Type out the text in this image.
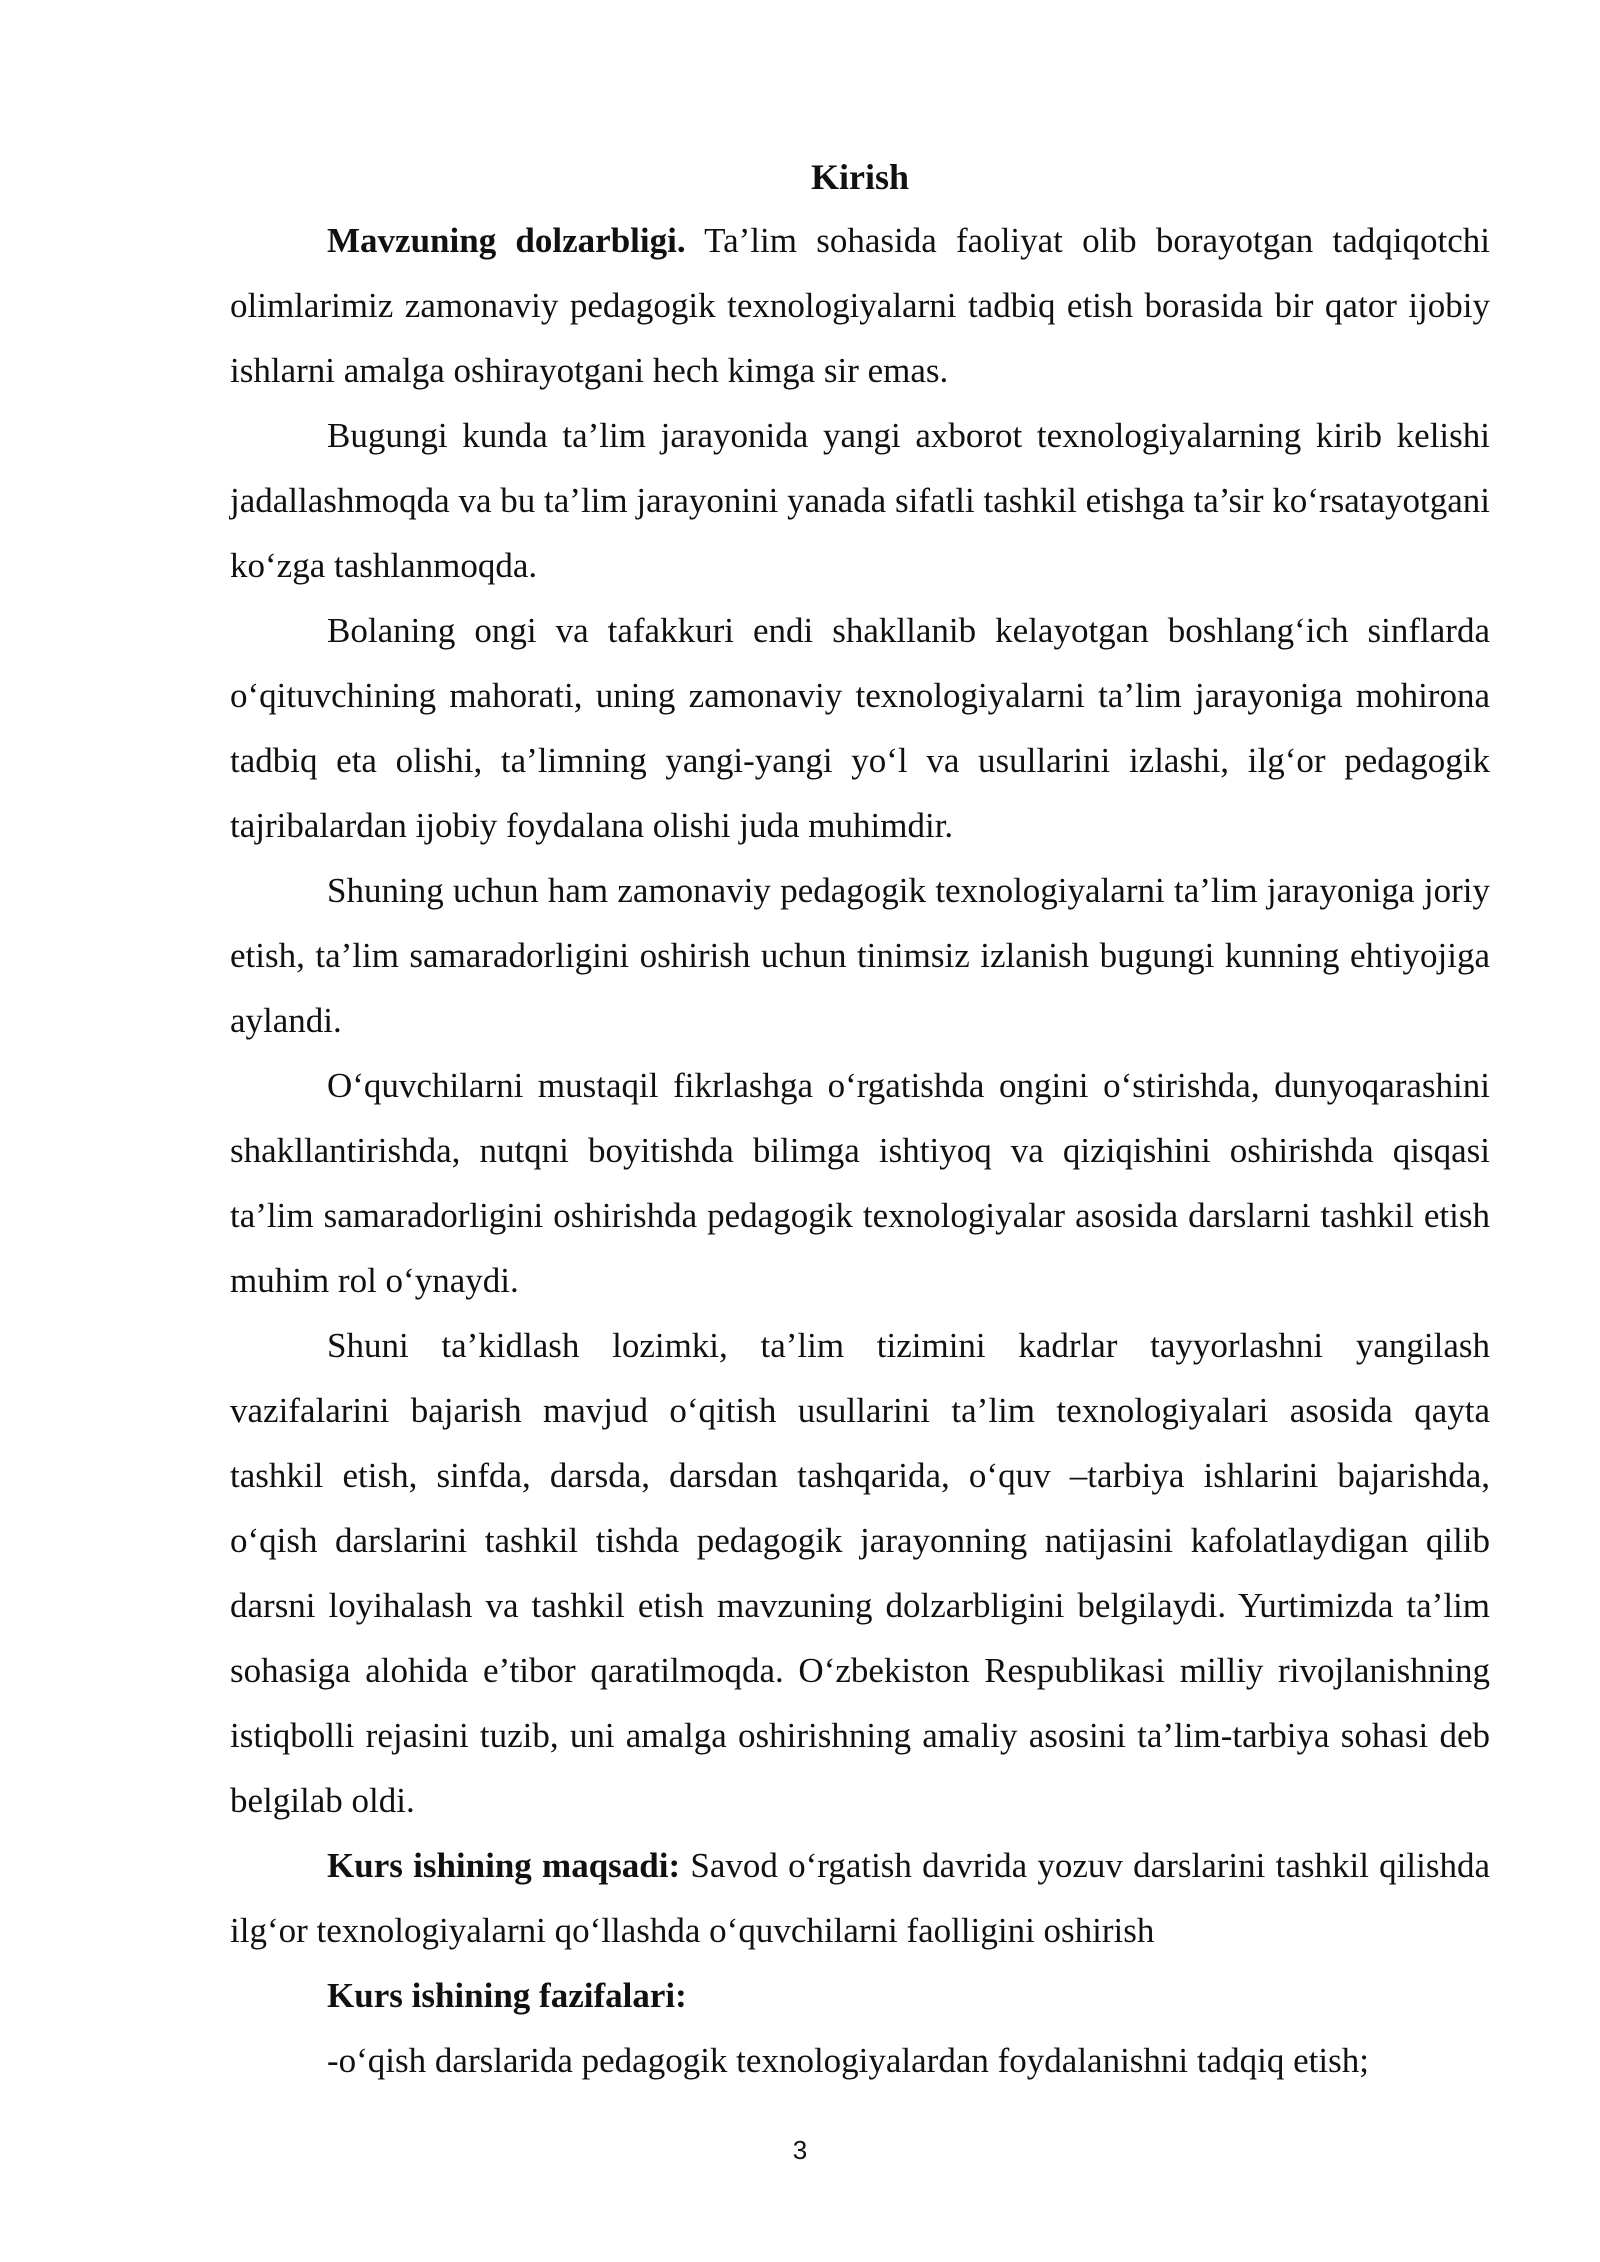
Kirish

Mavzuning dolzarbligi. Ta’lim sohasida faoliyat olib borayotgan tadqiqotchi olimlarimiz zamonaviy pedagogik texnologiyalarni tadbiq etish borasida bir qator ijobiy ishlarni amalga oshirayotgani hech kimga sir emas.

Bugungi kunda ta’lim jarayonida yangi axborot texnologiyalarning kirib kelishi jadallashmoqda va bu ta’lim jarayonini yanada sifatli tashkil etishga ta’sir ko‘rsatayotgani ko‘zga tashlanmoqda.

Bolaning ongi va tafakkuri endi shakllanib kelayotgan boshlang‘ich sinflarda o‘qituvchining mahorati, uning zamonaviy texnologiyalarni ta’lim jarayoniga mohirona tadbiq eta olishi, ta’limning yangi-yangi yo‘l va usullarini izlashi, ilg‘or pedagogik tajribalardan ijobiy foydalana olishi juda muhimdir.

Shuning uchun ham zamonaviy pedagogik texnologiyalarni ta’lim jarayoniga joriy etish, ta’lim samaradorligini oshirish uchun tinimsiz izlanish bugungi kunning ehtiyojiga aylandi.

O‘quvchilarni mustaqil fikrlashga o‘rgatishda ongini o‘stirishda, dunyoqarashini shakllantirishda, nutqni boyitishda bilimga ishtiyoq va qiziqishini oshirishda qisqasi ta’lim samaradorligini oshirishda pedagogik texnologiyalar asosida darslarni tashkil etish muhim rol o‘ynaydi.

Shuni ta’kidlash lozimki, ta’lim tizimini kadrlar tayyorlashni yangilash vazifalarini bajarish mavjud o‘qitish usullarini ta’lim texnologiyalari asosida qayta tashkil etish, sinfda, darsda, darsdan tashqarida, o‘quv –tarbiya ishlarini bajarishda, o‘qish darslarini tashkil tishda pedagogik jarayonning natijasini kafolatlaydigan qilib darsni loyihalash va tashkil etish mavzuning dolzarbligini belgilaydi. Yurtimizda ta’lim sohasiga alohida e’tibor qaratilmoqda. O‘zbekiston Respublikasi milliy rivojlanishning istiqbolli rejasini tuzib, uni amalga oshirishning amaliy asosini ta’lim-tarbiya sohasi deb belgilab oldi.

Kurs ishining maqsadi: Savod o‘rgatish davrida yozuv darslarini tashkil qilishda ilg‘or texnologiyalarni qo‘llashda o‘quvchilarni faolligini oshirish

Kurs ishining fazifalari:

-o‘qish darslarida pedagogik texnologiyalardan foydalanishni tadqiq etish;

3
